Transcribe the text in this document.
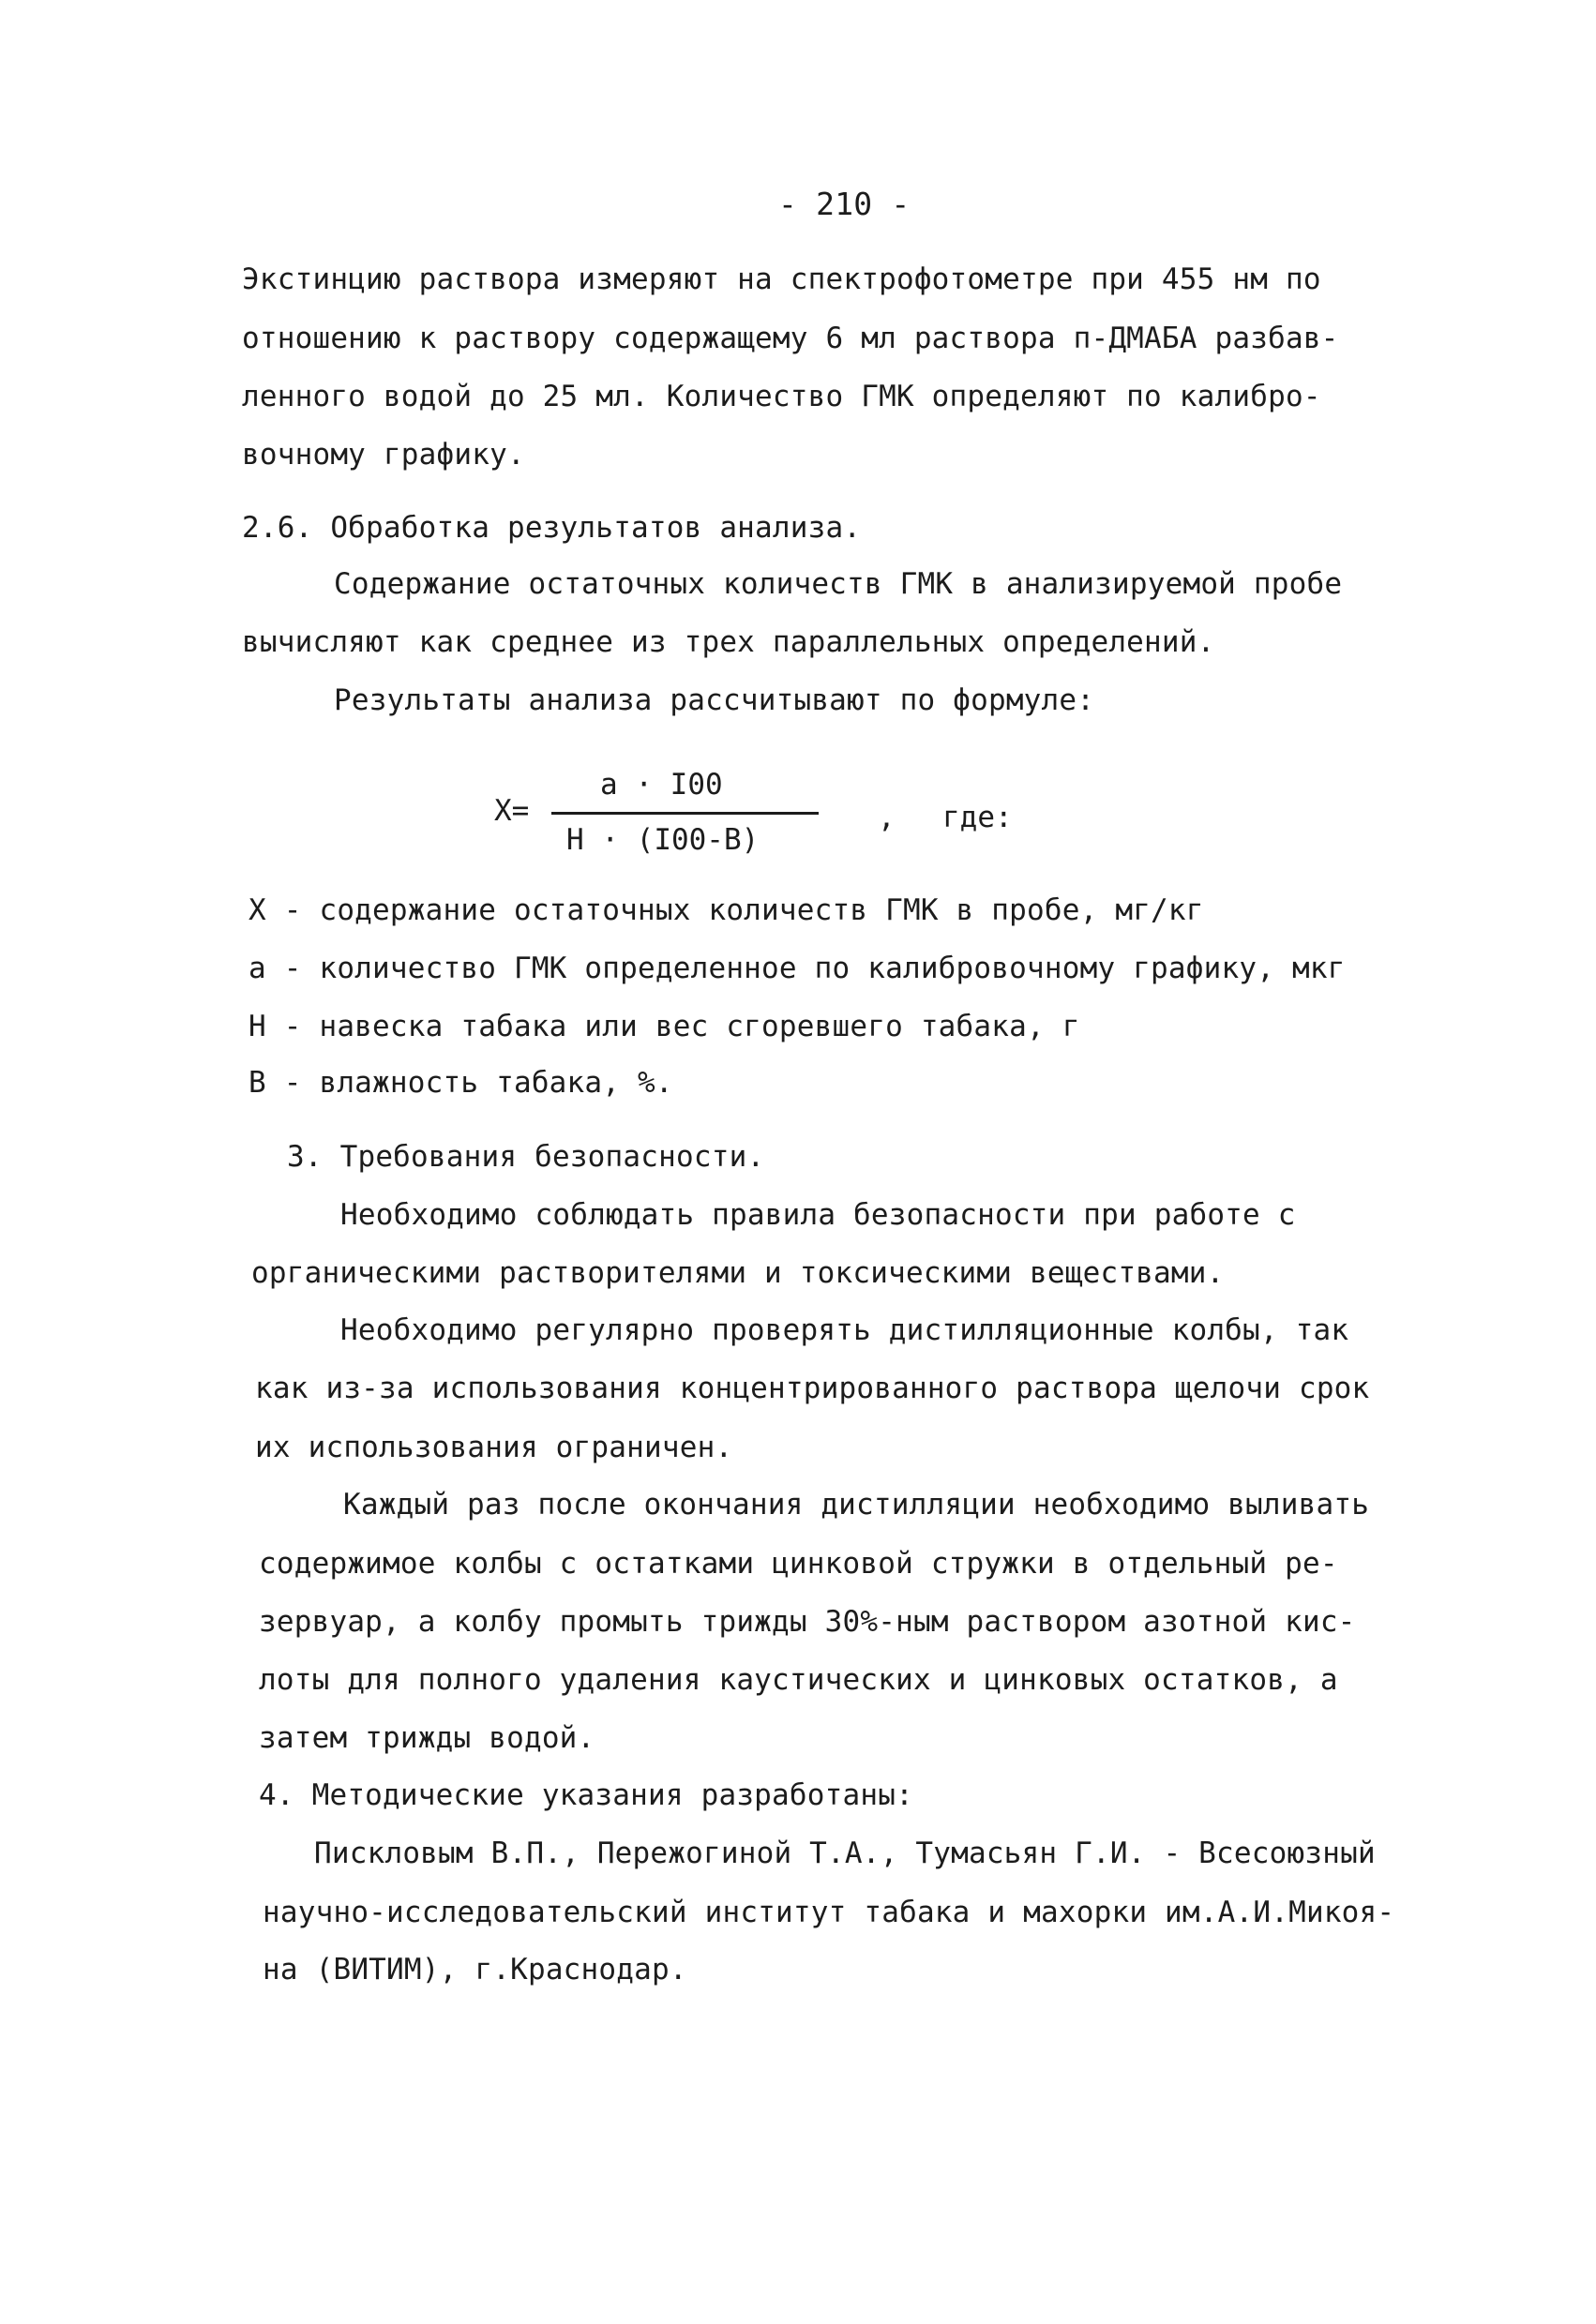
- 210 -
Экстинцию раствора измеряют на спектрофотометре при 455 нм по
отношению к раствору содержащему 6 мл раствора п-ДМАБА разбав-
ленного водой до 25 мл. Количество ГМК определяют по калибро-
вочному графику.
2.6. Обработка результатов анализа.
Содержание остаточных количеств ГМК в анализируемой пробе
вычисляют как среднее из трех параллельных определений.
Результаты анализа рассчитывают по формуле:
X=
a · I00
H · (I00-B)
, где:
X - содержание остаточных количеств ГМК в пробе, мг/кг
a - количество ГМК определенное по калибровочному графику, мкг
H - навеска табака или вес сгоревшего табака, г
B - влажность табака, %.
3. Требования безопасности.
Необходимо соблюдать правила безопасности при работе с
органическими растворителями и токсическими веществами.
Необходимо регулярно проверять дистилляционные колбы, так
как из-за использования концентрированного раствора щелочи срок
их использования ограничен.
Каждый раз после окончания дистилляции необходимо выливать
содержимое колбы с остатками цинковой стружки в отдельный ре-
зервуар, а колбу промыть трижды 30%-ным раствором азотной кис-
лоты для полного удаления каустических и цинковых остатков, а
затем трижды водой.
4. Методические указания разработаны:
Пискловым В.П., Пережогиной Т.А., Тумасьян Г.И. - Всесоюзный
научно-исследовательский институт табака и махорки им.А.И.Микоя-
на (ВИТИМ), г.Краснодар.
